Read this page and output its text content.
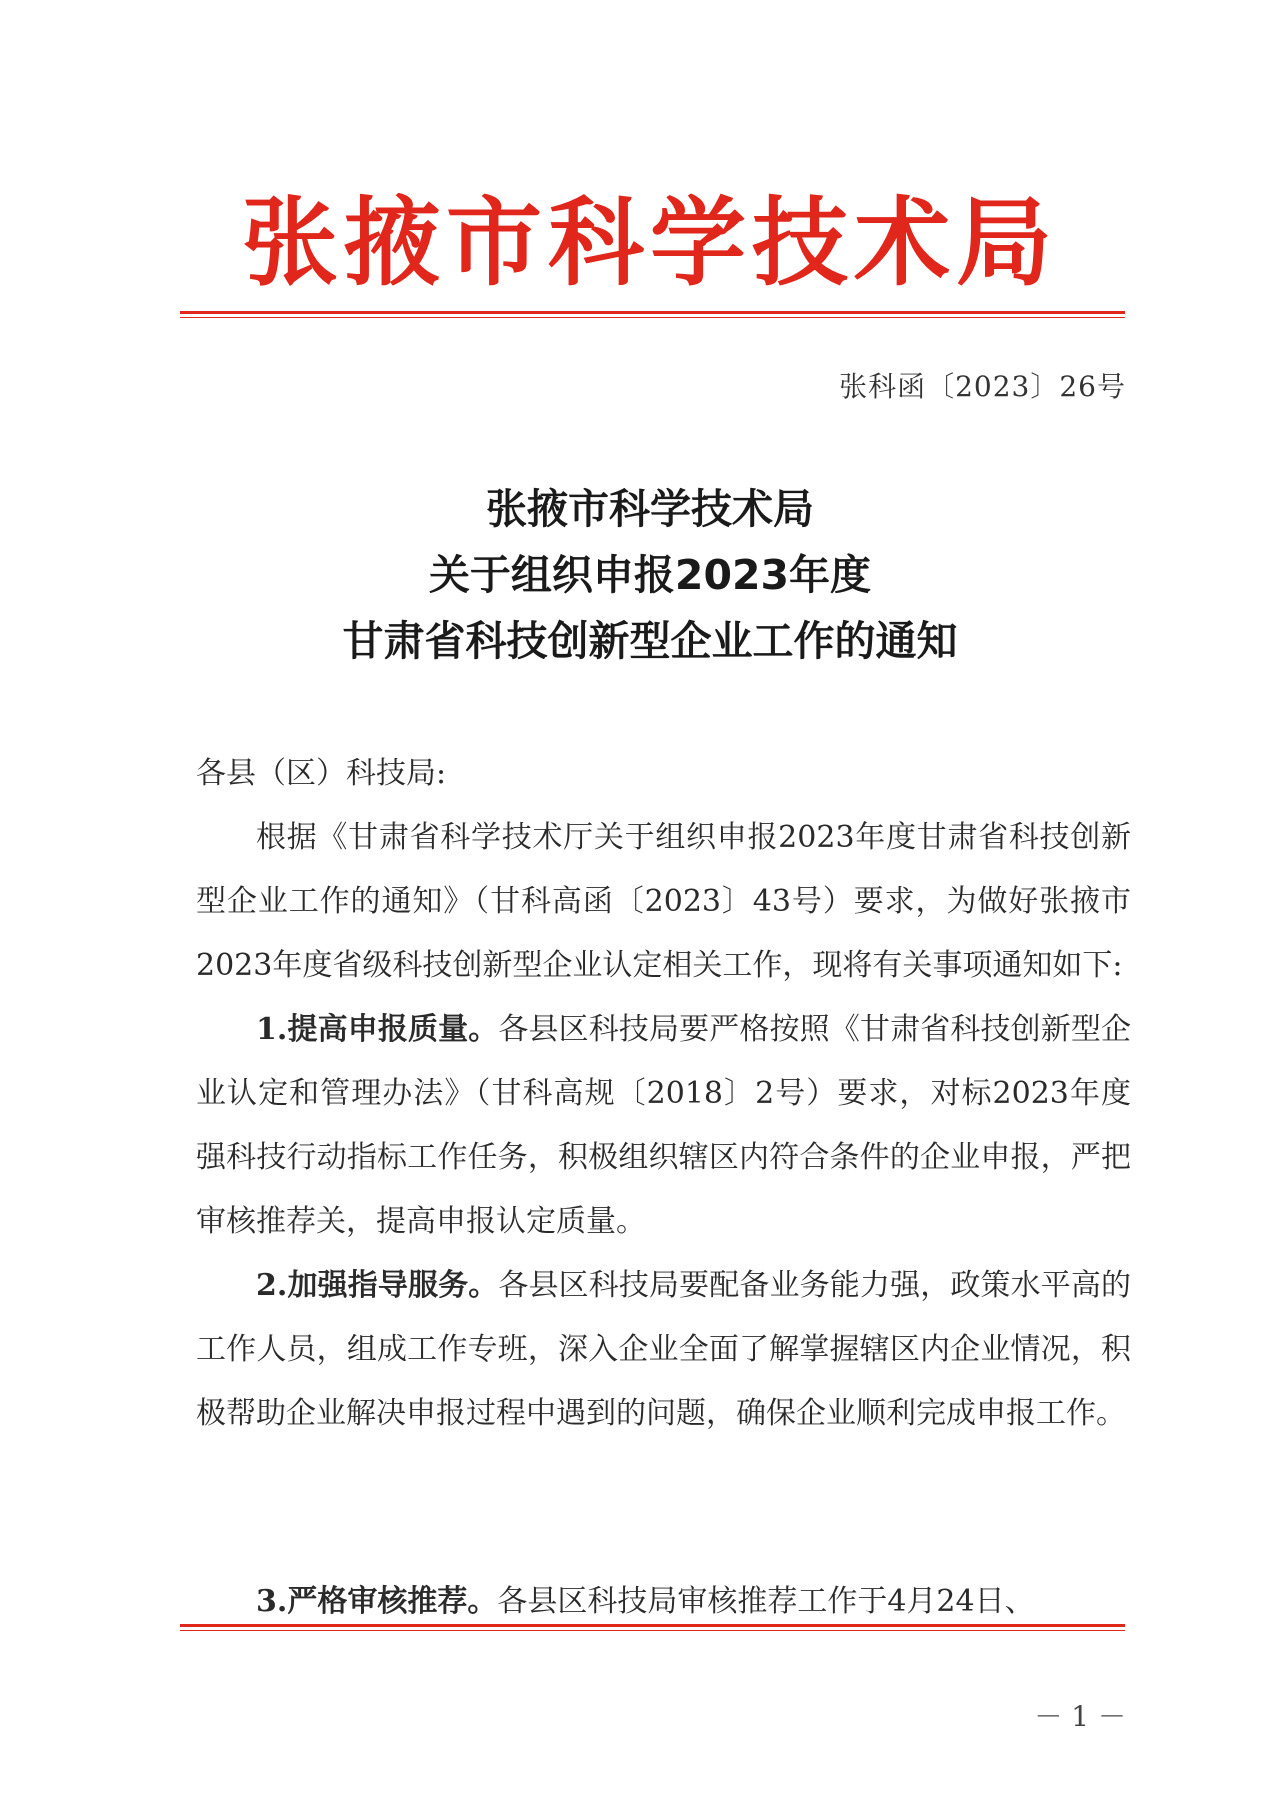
张掖市科学技术局
张科函〔2023〕26号
张掖市科学技术局
关于组织申报2023年度
甘肃省科技创新型企业工作的通知

各县（区）科技局:

根据《甘肃省科学技术厅关于组织申报2023年度甘肃省科技创新型企业工作的通知》（甘科高函〔2023〕43号）要求，为做好张掖市2023年度省级科技创新型企业认定相关工作，现将有关事项通知如下:

1.提高申报质量。各县区科技局要严格按照《甘肃省科技创新型企业认定和管理办法》（甘科高规〔2018〕2号）要求，对标2023年度强科技行动指标工作任务，积极组织辖区内符合条件的企业申报，严把审核推荐关，提高申报认定质量。

2.加强指导服务。各县区科技局要配备业务能力强，政策水平高的工作人员，组成工作专班，深入企业全面了解掌握辖区内企业情况，积极帮助企业解决申报过程中遇到的问题，确保企业顺利完成申报工作。

3.严格审核推荐。各县区科技局审核推荐工作于4月24日、
－ 1 －
